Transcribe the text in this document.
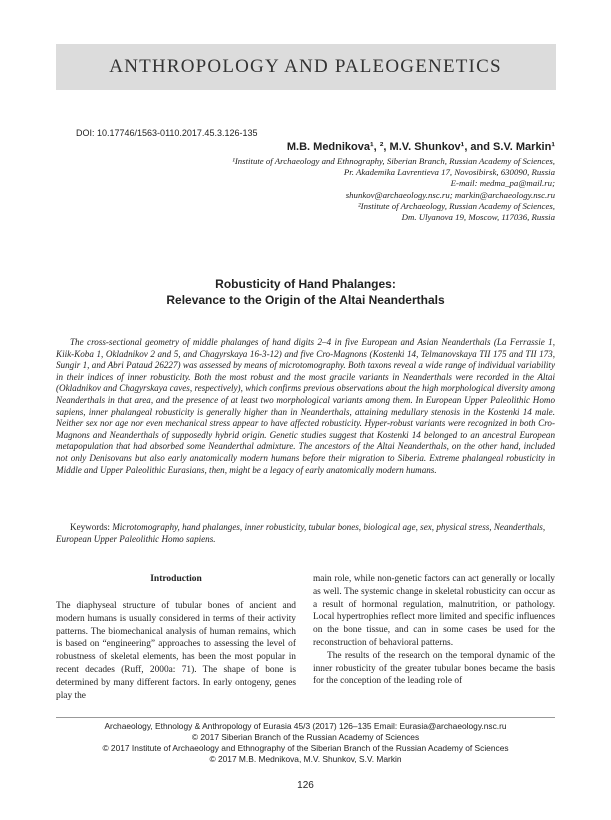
ANTHROPOLOGY AND PALEOGENETICS
DOI: 10.17746/1563-0110.2017.45.3.126-135
M.B. Mednikova¹, ², M.V. Shunkov¹, and S.V. Markin¹
¹Institute of Archaeology and Ethnography, Siberian Branch, Russian Academy of Sciences,
Pr. Akademika Lavrentieva 17, Novosibirsk, 630090, Russia
E-mail: medma_pa@mail.ru;
shunkov@archaeology.nsc.ru; markin@archaeology.nsc.ru
²Institute of Archaeology, Russian Academy of Sciences,
Dm. Ulyanova 19, Moscow, 117036, Russia
Robusticity of Hand Phalanges:
Relevance to the Origin of the Altai Neanderthals

The cross-sectional geometry of middle phalanges of hand digits 2–4 in five European and Asian Neanderthals (La Ferrassie 1, Kiik-Koba 1, Okladnikov 2 and 5, and Chagyrskaya 16-3-12) and five Cro-Magnons (Kostenki 14, Telmanovskaya TII 175 and TII 173, Sungir 1, and Abri Pataud 26227) was assessed by means of microtomography. Both taxons reveal a wide range of individual variability in their indices of inner robusticity. Both the most robust and the most gracile variants in Neanderthals were recorded in the Altai (Okladnikov and Chagyrskaya caves, respectively), which confirms previous observations about the high morphological diversity among Neanderthals in that area, and the presence of at least two morphological variants among them. In European Upper Paleolithic Homo sapiens, inner phalangeal robusticity is generally higher than in Neanderthals, attaining medullary stenosis in the Kostenki 14 male. Neither sex nor age nor even mechanical stress appear to have affected robusticity. Hyper-robust variants were recognized in both Cro-Magnons and Neanderthals of supposedly hybrid origin. Genetic studies suggest that Kostenki 14 belonged to an ancestral European metapopulation that had absorbed some Neanderthal admixture. The ancestors of the Altai Neanderthals, on the other hand, included not only Denisovans but also early anatomically modern humans before their migration to Siberia. Extreme phalangeal robusticity in Middle and Upper Paleolithic Eurasians, then, might be a legacy of early anatomically modern humans.

Keywords: Microtomography, hand phalanges, inner robusticity, tubular bones, biological age, sex, physical stress, Neanderthals, European Upper Paleolithic Homo sapiens.

Introduction

The diaphyseal structure of tubular bones of ancient and modern humans is usually considered in terms of their activity patterns. The biomechanical analysis of human remains, which is based on “engineering” approaches to assessing the level of robustness of skeletal elements, has been the most popular in recent decades (Ruff, 2000a: 71). The shape of bone is determined by many different factors. In early ontogeny, genes play the

main role, while non-genetic factors can act generally or locally as well. The systemic change in skeletal robusticity can occur as a result of hormonal regulation, malnutrition, or pathology. Local hypertrophies reflect more limited and specific influences on the bone tissue, and can in some cases be used for the reconstruction of behavioral patterns.

The results of the research on the temporal dynamic of the inner robusticity of the greater tubular bones became the basis for the conception of the leading role of

Archaeology, Ethnology & Anthropology of Eurasia 45/3 (2017) 126–135 Email: Eurasia@archaeology.nsc.ru
© 2017 Siberian Branch of the Russian Academy of Sciences
© 2017 Institute of Archaeology and Ethnography of the Siberian Branch of the Russian Academy of Sciences
© 2017 M.B. Mednikova, M.V. Shunkov, S.V. Markin
126
